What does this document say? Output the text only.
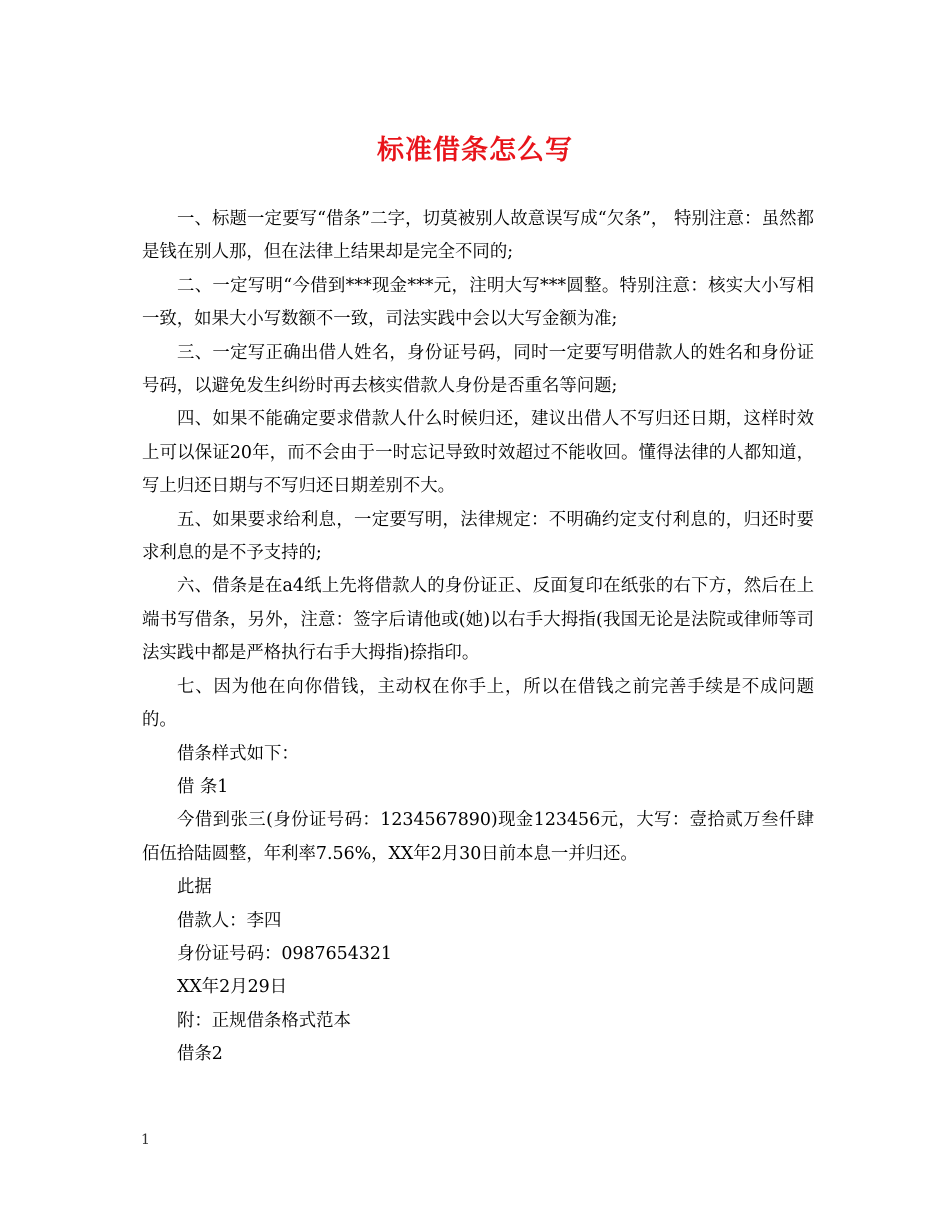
标准借条怎么写

一、标题一定要写“借条”二字，切莫被别人故意误写成“欠条”， 特别注意：虽然都是钱在别人那，但在法律上结果却是完全不同的;

二、一定写明“今借到***现金***元，注明大写***圆整。特别注意：核实大小写相一致，如果大小写数额不一致，司法实践中会以大写金额为准;

三、一定写正确出借人姓名，身份证号码，同时一定要写明借款人的姓名和身份证号码，以避免发生纠纷时再去核实借款人身份是否重名等问题;

四、如果不能确定要求借款人什么时候归还，建议出借人不写归还日期，这样时效上可以保证20年，而不会由于一时忘记导致时效超过不能收回。懂得法律的人都知道，写上归还日期与不写归还日期差别不大。

五、如果要求给利息，一定要写明，法律规定：不明确约定支付利息的，归还时要求利息的是不予支持的;

六、借条是在a4纸上先将借款人的身份证正、反面复印在纸张的右下方，然后在上端书写借条，另外，注意：签字后请他或(她)以右手大拇指(我国无论是法院或律师等司法实践中都是严格执行右手大拇指)捺指印。

七、因为他在向你借钱，主动权在你手上，所以在借钱之前完善手续是不成问题的。

借条样式如下：

借 条1

今借到张三(身份证号码：1234567890)现金123456元，大写：壹拾贰万叁仟肆佰伍拾陆圆整，年利率7.56%，XX年2月30日前本息一并归还。

此据

借款人：李四

身份证号码：0987654321

XX年2月29日

附：正规借条格式范本

借条2

1
